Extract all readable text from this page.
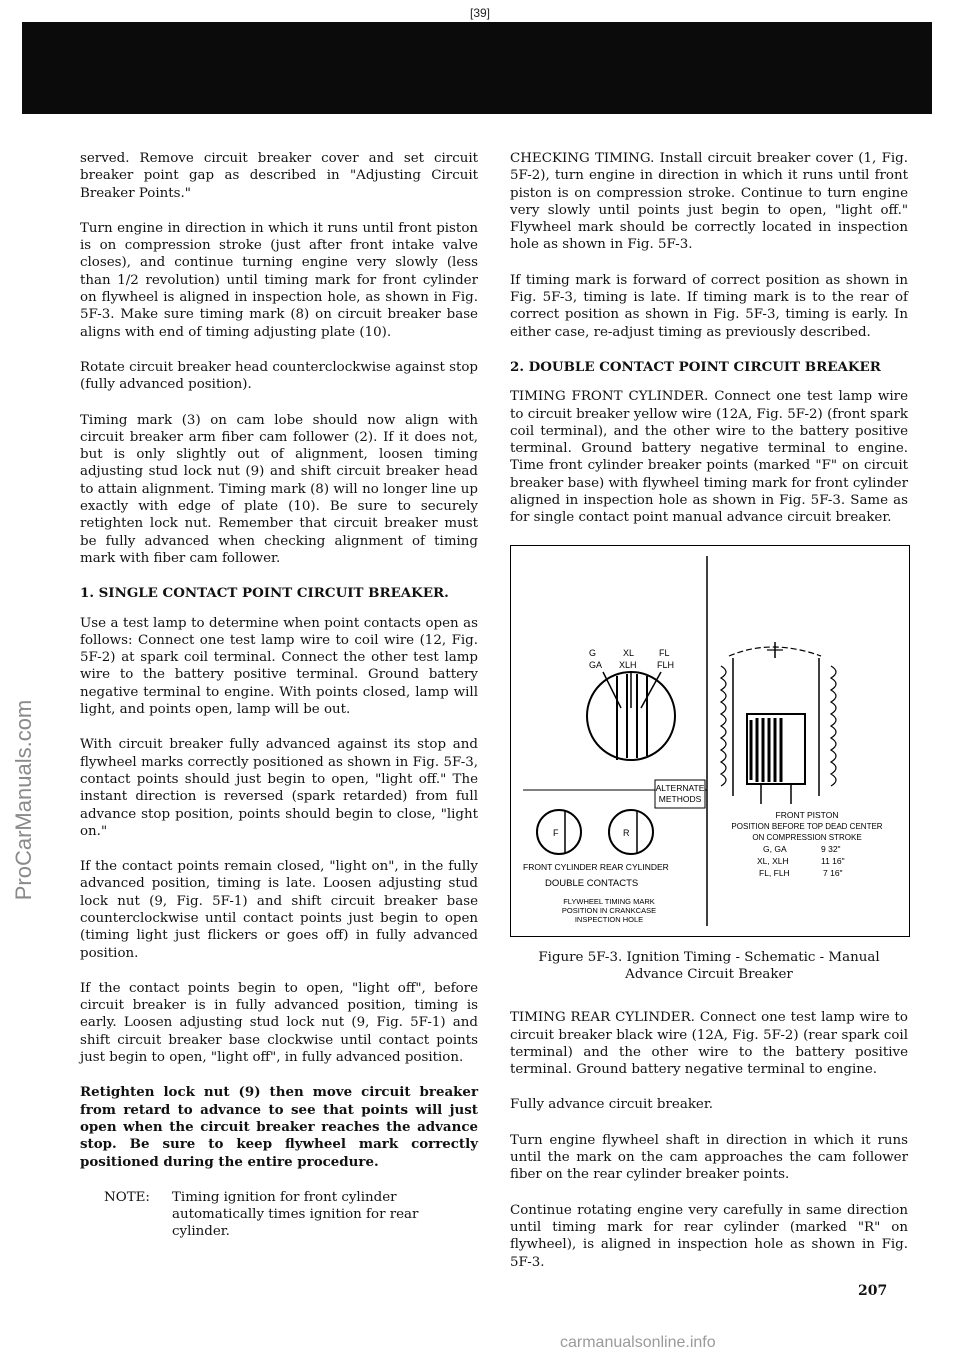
[39]
ProCarManuals.com

served. Remove circuit breaker cover and set circuit breaker point gap as described in "Adjusting Circuit Breaker Points."

Turn engine in direction in which it runs until front piston is on compression stroke (just after front intake valve closes), and continue turning engine very slowly (less than 1/2 revolution) until timing mark for front cylinder on flywheel is aligned in inspection hole, as shown in Fig. 5F-3. Make sure timing mark (8) on circuit breaker base aligns with end of timing adjusting plate (10).

Rotate circuit breaker head counterclockwise against stop (fully advanced position).

Timing mark (3) on cam lobe should now align with circuit breaker arm fiber cam follower (2). If it does not, but is only slightly out of alignment, loosen timing adjusting stud lock nut (9) and shift circuit breaker head to attain alignment. Timing mark (8) will no longer line up exactly with edge of plate (10). Be sure to securely retighten lock nut. Remember that circuit breaker must be fully advanced when checking alignment of timing mark with fiber cam follower.

1. SINGLE CONTACT POINT CIRCUIT BREAKER.

Use a test lamp to determine when point contacts open as follows: Connect one test lamp wire to coil wire (12, Fig. 5F-2) at spark coil terminal. Connect the other test lamp wire to the battery positive terminal. Ground battery negative terminal to engine. With points closed, lamp will light, and points open, lamp will be out.

With circuit breaker fully advanced against its stop and flywheel marks correctly positioned as shown in Fig. 5F-3, contact points should just begin to open, "light off." The instant direction is reversed (spark retarded) from full advance stop position, points should begin to close, "light on."

If the contact points remain closed, "light on", in the fully advanced position, timing is late. Loosen adjusting stud lock nut (9, Fig. 5F-1) and shift circuit breaker base counterclockwise until contact points just begin to open (timing light just flickers or goes off) in fully advanced position.

If the contact points begin to open, "light off", before circuit breaker is in fully advanced position, timing is early. Loosen adjusting stud lock nut (9, Fig. 5F-1) and shift circuit breaker base clockwise until contact points just begin to open, "light off", in fully advanced position.

Retighten lock nut (9) then move circuit breaker from retard to advance to see that points will just open when the circuit breaker reaches the advance stop. Be sure to keep flywheel mark correctly positioned during the entire procedure.

NOTE:	Timing ignition for front cylinder automatically times ignition for rear cylinder.

CHECKING TIMING. Install circuit breaker cover (1, Fig. 5F-2), turn engine in direction in which it runs until front piston is on compression stroke. Continue to turn engine very slowly until points just begin to open, "light off." Flywheel mark should be correctly located in inspection hole as shown in Fig. 5F-3.

If timing mark is forward of correct position as shown in Fig. 5F-3, timing is late. If timing mark is to the rear of correct position as shown in Fig. 5F-3, timing is early. In either case, re-adjust timing as previously described.

2. DOUBLE CONTACT POINT CIRCUIT BREAKER

TIMING FRONT CYLINDER. Connect one test lamp wire to circuit breaker yellow wire (12A, Fig. 5F-2) (front spark coil terminal), and the other wire to the battery positive terminal. Ground battery negative terminal to engine. Time front cylinder breaker points (marked "F" on circuit breaker base) with flywheel timing mark for front cylinder aligned in inspection hole as shown in Fig. 5F-3. Same as for single contact point manual advance circuit breaker.

G	XL	FL
GA XLH FLH
ALTERNATE
METHODS
F	R
FRONT CYLINDER REAR CYLINDER
DOUBLE CONTACTS
FLYWHEEL TIMING MARK
POSITION IN CRANKCASE
INSPECTION HOLE
FRONT PISTON
POSITION BEFORE TOP DEAD CENTER
ON COMPRESSION STROKE
G, GA	9 32"
XL, XLH	11 16"
FL, FLH	7 16"
Figure 5F-3. Ignition Timing - Schematic - Manual Advance Circuit Breaker

TIMING REAR CYLINDER. Connect one test lamp wire to circuit breaker black wire (12A, Fig. 5F-2) (rear spark coil terminal) and the other wire to the battery positive terminal. Ground battery negative terminal to engine.

Fully advance circuit breaker.

Turn engine flywheel shaft in direction in which it runs until the mark on the cam approaches the cam follower fiber on the rear cylinder breaker points.

Continue rotating engine very carefully in same direction until timing mark for rear cylinder (marked "R" on flywheel), is aligned in inspection hole as shown in Fig. 5F-3.

207
carmanualsonline.info
